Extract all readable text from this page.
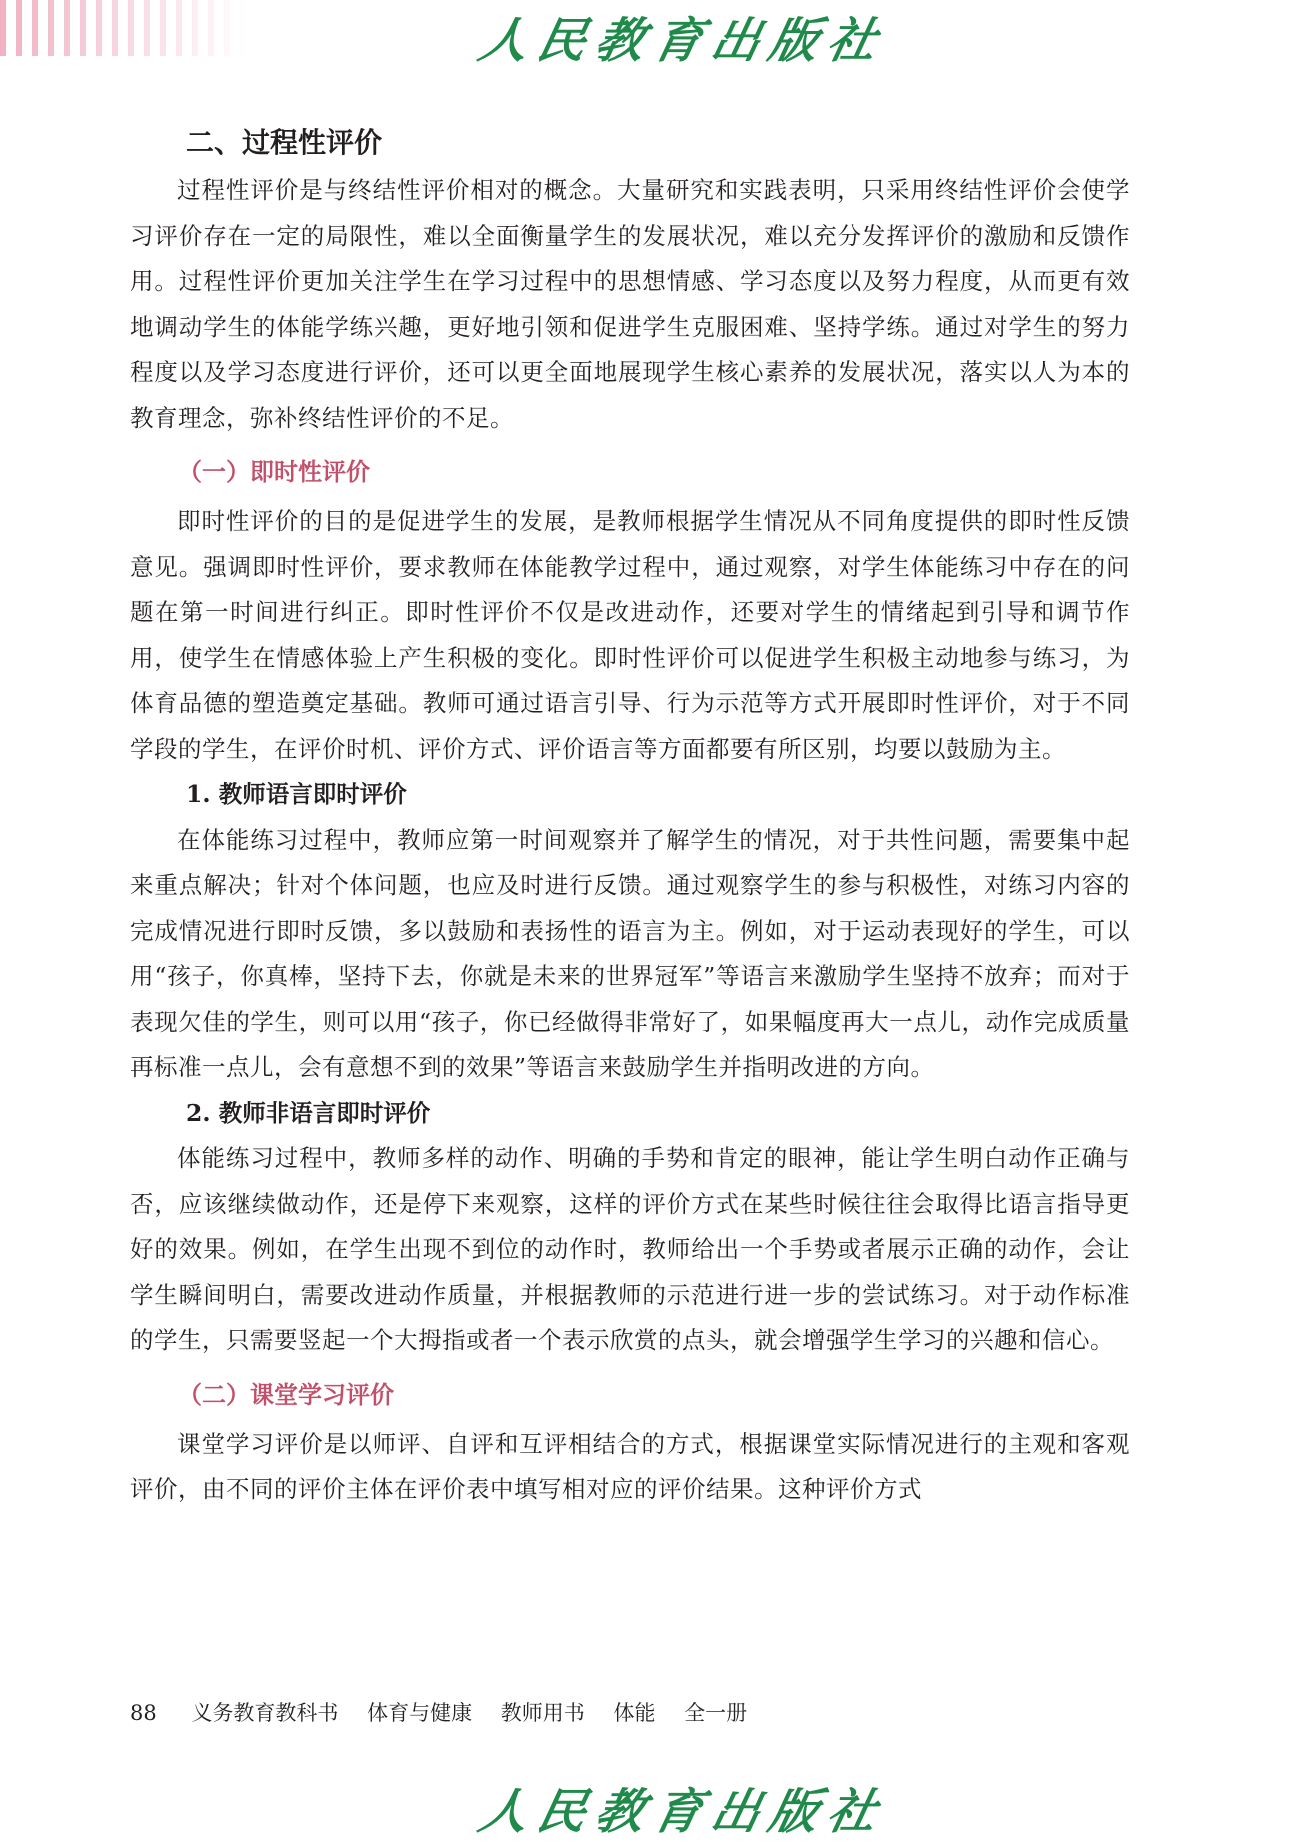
人民教育出版社
二、过程性评价

过程性评价是与终结性评价相对的概念。大量研究和实践表明，只采用终结性评价会使学习评价存在一定的局限性，难以全面衡量学生的发展状况，难以充分发挥评价的激励和反馈作用。过程性评价更加关注学生在学习过程中的思想情感、学习态度以及努力程度，从而更有效地调动学生的体能学练兴趣，更好地引领和促进学生克服困难、坚持学练。通过对学生的努力程度以及学习态度进行评价，还可以更全面地展现学生核心素养的发展状况，落实以人为本的教育理念，弥补终结性评价的不足。

（一）即时性评价

即时性评价的目的是促进学生的发展，是教师根据学生情况从不同角度提供的即时性反馈意见。强调即时性评价，要求教师在体能教学过程中，通过观察，对学生体能练习中存在的问题在第一时间进行纠正。即时性评价不仅是改进动作，还要对学生的情绪起到引导和调节作用，使学生在情感体验上产生积极的变化。即时性评价可以促进学生积极主动地参与练习，为体育品德的塑造奠定基础。教师可通过语言引导、行为示范等方式开展即时性评价，对于不同学段的学生，在评价时机、评价方式、评价语言等方面都要有所区别，均要以鼓励为主。

1. 教师语言即时评价

在体能练习过程中，教师应第一时间观察并了解学生的情况，对于共性问题，需要集中起来重点解决；针对个体问题，也应及时进行反馈。通过观察学生的参与积极性，对练习内容的完成情况进行即时反馈，多以鼓励和表扬性的语言为主。例如，对于运动表现好的学生，可以用“孩子，你真棒，坚持下去，你就是未来的世界冠军”等语言来激励学生坚持不放弃；而对于表现欠佳的学生，则可以用“孩子，你已经做得非常好了，如果幅度再大一点儿，动作完成质量再标准一点儿，会有意想不到的效果”等语言来鼓励学生并指明改进的方向。

2. 教师非语言即时评价

体能练习过程中，教师多样的动作、明确的手势和肯定的眼神，能让学生明白动作正确与否，应该继续做动作，还是停下来观察，这样的评价方式在某些时候往往会取得比语言指导更好的效果。例如，在学生出现不到位的动作时，教师给出一个手势或者展示正确的动作，会让学生瞬间明白，需要改进动作质量，并根据教师的示范进行进一步的尝试练习。对于动作标准的学生，只需要竖起一个大拇指或者一个表示欣赏的点头，就会增强学生学习的兴趣和信心。

（二）课堂学习评价

课堂学习评价是以师评、自评和互评相结合的方式，根据课堂实际情况进行的主观和客观评价，由不同的评价主体在评价表中填写相对应的评价结果。这种评价方式

88 义务教育教科书 体育与健康 教师用书 体能 全一册
人民教育出版社
